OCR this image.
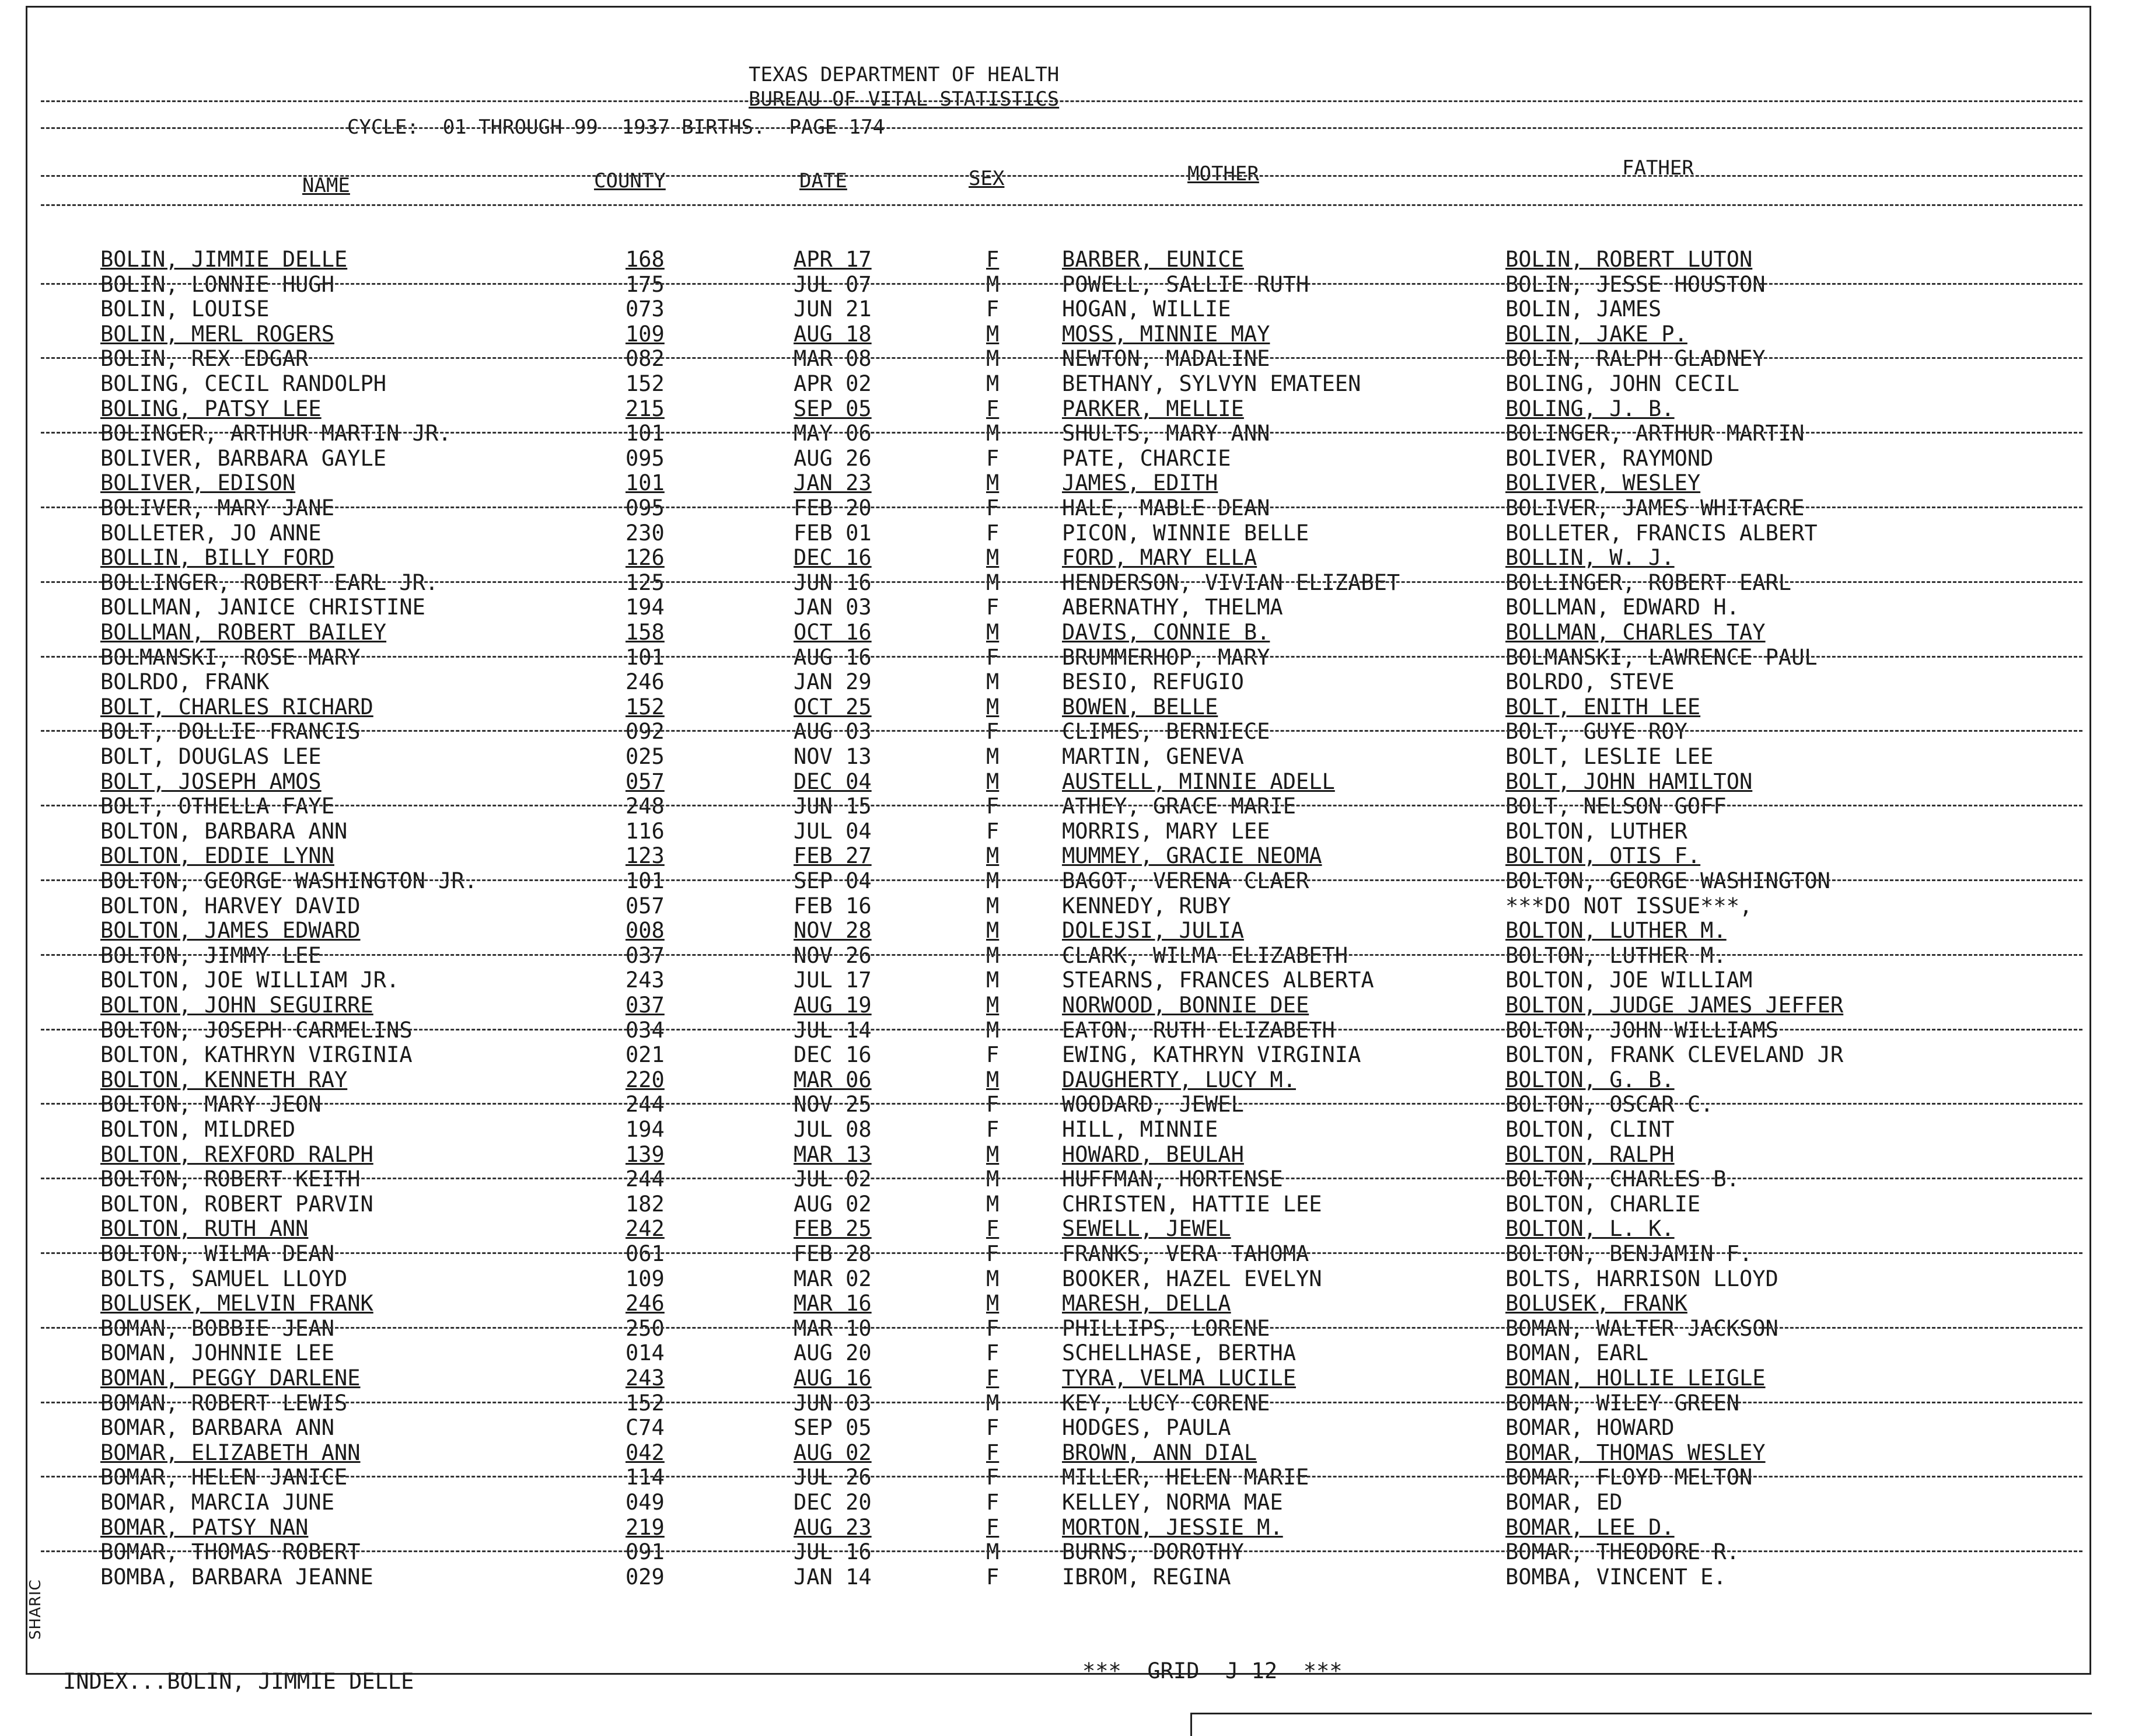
SHARIC
TEXAS DEPARTMENT OF HEALTH
BUREAU OF VITAL STATISTICS
CYCLE:  01 THROUGH 99  1937 BIRTHS.  PAGE 174
NAME	COUNTY	DATE	SEX	MOTHER	FATHER
BOLIN, JIMMIE DELLE	168	APR 17	F	BARBER, EUNICE	BOLIN, ROBERT LUTON
BOLIN, LONNIE HUGH	175	JUL 07	M	POWELL, SALLIE RUTH	BOLIN, JESSE HOUSTON
BOLIN, LOUISE	073	JUN 21	F	HOGAN, WILLIE	BOLIN, JAMES
BOLIN, MERL ROGERS	109	AUG 18	M	MOSS, MINNIE MAY	BOLIN, JAKE P.
BOLIN, REX EDGAR	082	MAR 08	M	NEWTON, MADALINE	BOLIN, RALPH GLADNEY
BOLING, CECIL RANDOLPH	152	APR 02	M	BETHANY, SYLVYN EMATEEN	BOLING, JOHN CECIL
BOLING, PATSY LEE	215	SEP 05	F	PARKER, MELLIE	BOLING, J. B.
BOLINGER, ARTHUR MARTIN JR.	101	MAY 06	M	SHULTS, MARY ANN	BOLINGER, ARTHUR MARTIN
BOLIVER, BARBARA GAYLE	095	AUG 26	F	PATE, CHARCIE	BOLIVER, RAYMOND
BOLIVER, EDISON	101	JAN 23	M	JAMES, EDITH	BOLIVER, WESLEY
BOLIVER, MARY JANE	095	FEB 20	F	HALE, MABLE DEAN	BOLIVER, JAMES WHITACRE
BOLLETER, JO ANNE	230	FEB 01	F	PICON, WINNIE BELLE	BOLLETER, FRANCIS ALBERT
BOLLIN, BILLY FORD	126	DEC 16	M	FORD, MARY ELLA	BOLLIN, W. J.
BOLLINGER, ROBERT EARL JR.	125	JUN 16	M	HENDERSON, VIVIAN ELIZABET	BOLLINGER, ROBERT EARL
BOLLMAN, JANICE CHRISTINE	194	JAN 03	F	ABERNATHY, THELMA	BOLLMAN, EDWARD H.
BOLLMAN, ROBERT BAILEY	158	OCT 16	M	DAVIS, CONNIE B.	BOLLMAN, CHARLES TAY
BOLMANSKI, ROSE MARY	101	AUG 16	F	BRUMMERHOP, MARY	BOLMANSKI, LAWRENCE PAUL
BOLRDO, FRANK	246	JAN 29	M	BESIO, REFUGIO	BOLRDO, STEVE
BOLT, CHARLES RICHARD	152	OCT 25	M	BOWEN, BELLE	BOLT, ENITH LEE
BOLT, DOLLIE FRANCIS	092	AUG 03	F	CLIMES, BERNIECE	BOLT, GUYE ROY
BOLT, DOUGLAS LEE	025	NOV 13	M	MARTIN, GENEVA	BOLT, LESLIE LEE
BOLT, JOSEPH AMOS	057	DEC 04	M	AUSTELL, MINNIE ADELL	BOLT, JOHN HAMILTON
BOLT, OTHELLA FAYE	248	JUN 15	F	ATHEY, GRACE MARIE	BOLT, NELSON GOFF
BOLTON, BARBARA ANN	116	JUL 04	F	MORRIS, MARY LEE	BOLTON, LUTHER
BOLTON, EDDIE LYNN	123	FEB 27	M	MUMMEY, GRACIE NEOMA	BOLTON, OTIS F.
BOLTON, GEORGE WASHINGTON JR.	101	SEP 04	M	BAGOT, VERENA CLAER	BOLTON, GEORGE WASHINGTON
BOLTON, HARVEY DAVID	057	FEB 16	M	KENNEDY, RUBY	***DO NOT ISSUE***,
BOLTON, JAMES EDWARD	008	NOV 28	M	DOLEJSI, JULIA	BOLTON, LUTHER M.
BOLTON, JIMMY LEE	037	NOV 26	M	CLARK, WILMA ELIZABETH	BOLTON, LUTHER M.
BOLTON, JOE WILLIAM JR.	243	JUL 17	M	STEARNS, FRANCES ALBERTA	BOLTON, JOE WILLIAM
BOLTON, JOHN SEGUIRRE	037	AUG 19	M	NORWOOD, BONNIE DEE	BOLTON, JUDGE JAMES JEFFER
BOLTON, JOSEPH CARMELINS	034	JUL 14	M	EATON, RUTH ELIZABETH	BOLTON, JOHN WILLIAMS
BOLTON, KATHRYN VIRGINIA	021	DEC 16	F	EWING, KATHRYN VIRGINIA	BOLTON, FRANK CLEVELAND JR
BOLTON, KENNETH RAY	220	MAR 06	M	DAUGHERTY, LUCY M.	BOLTON, G. B.
BOLTON, MARY JEON	244	NOV 25	F	WOODARD, JEWEL	BOLTON, OSCAR C.
BOLTON, MILDRED	194	JUL 08	F	HILL, MINNIE	BOLTON, CLINT
BOLTON, REXFORD RALPH	139	MAR 13	M	HOWARD, BEULAH	BOLTON, RALPH
BOLTON, ROBERT KEITH	244	JUL 02	M	HUFFMAN, HORTENSE	BOLTON, CHARLES B.
BOLTON, ROBERT PARVIN	182	AUG 02	M	CHRISTEN, HATTIE LEE	BOLTON, CHARLIE
BOLTON, RUTH ANN	242	FEB 25	F	SEWELL, JEWEL	BOLTON, L. K.
BOLTON, WILMA DEAN	061	FEB 28	F	FRANKS, VERA TAHOMA	BOLTON, BENJAMIN F.
BOLTS, SAMUEL LLOYD	109	MAR 02	M	BOOKER, HAZEL EVELYN	BOLTS, HARRISON LLOYD
BOLUSEK, MELVIN FRANK	246	MAR 16	M	MARESH, DELLA	BOLUSEK, FRANK
BOMAN, BOBBIE JEAN	250	MAR 10	F	PHILLIPS, LORENE	BOMAN, WALTER JACKSON
BOMAN, JOHNNIE LEE	014	AUG 20	F	SCHELLHASE, BERTHA	BOMAN, EARL
BOMAN, PEGGY DARLENE	243	AUG 16	F	TYRA, VELMA LUCILE	BOMAN, HOLLIE LEIGLE
BOMAN, ROBERT LEWIS	152	JUN 03	M	KEY, LUCY CORENE	BOMAN, WILEY GREEN
BOMAR, BARBARA ANN	C74	SEP 05	F	HODGES, PAULA	BOMAR, HOWARD
BOMAR, ELIZABETH ANN	042	AUG 02	F	BROWN, ANN DIAL	BOMAR, THOMAS WESLEY
BOMAR, HELEN JANICE	114	JUL 26	F	MILLER, HELEN MARIE	BOMAR, FLOYD MELTON
BOMAR, MARCIA JUNE	049	DEC 20	F	KELLEY, NORMA MAE	BOMAR, ED
BOMAR, PATSY NAN	219	AUG 23	F	MORTON, JESSIE M.	BOMAR, LEE D.
BOMAR, THOMAS ROBERT	091	JUL 16	M	BURNS, DOROTHY	BOMAR, THEODORE R.
BOMBA, BARBARA JEANNE	029	JAN 14	F	IBROM, REGINA	BOMBA, VINCENT E.
INDEX...BOLIN, JIMMIE DELLE	***  GRID  J 12  ***
